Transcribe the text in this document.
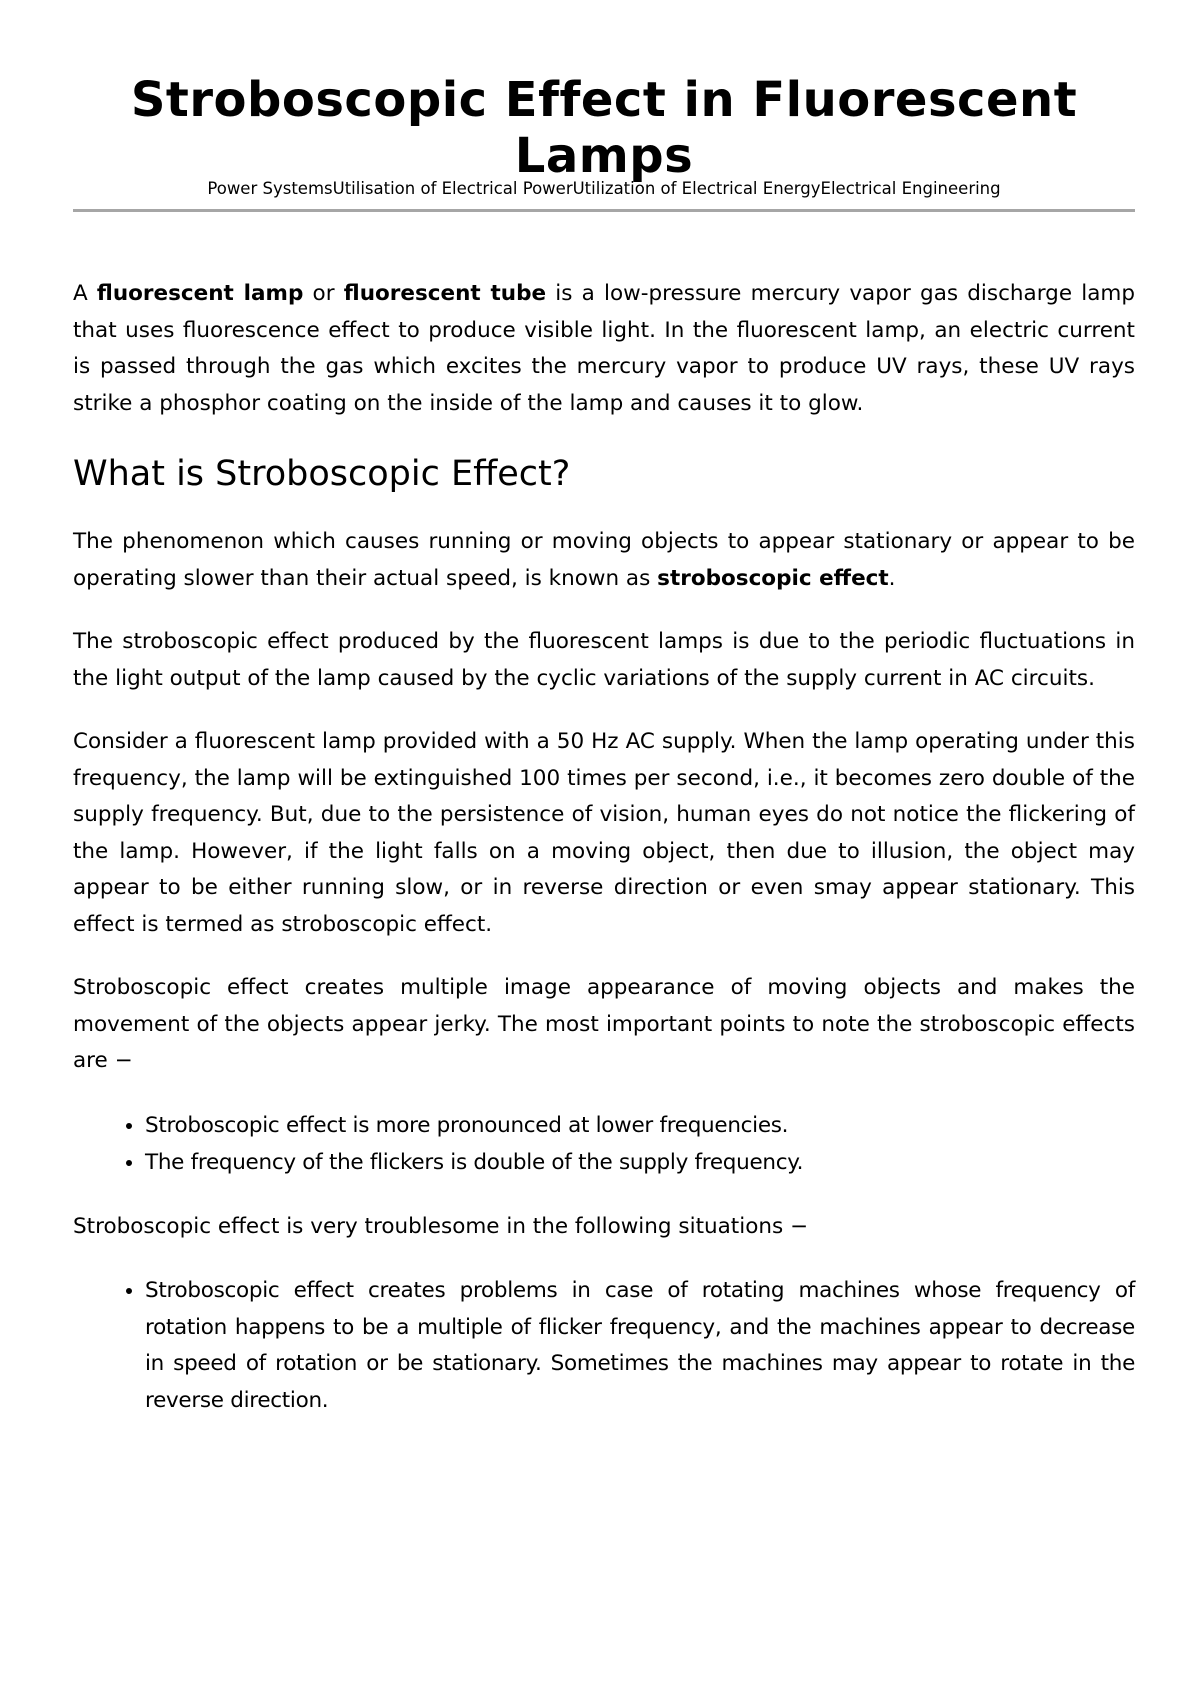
Stroboscopic Effect in Fluorescent Lamps
Power SystemsUtilisation of Electrical PowerUtilization of Electrical EnergyElectrical Engineering

A fluorescent lamp or fluorescent tube is a low-pressure mercury vapor gas discharge lamp that uses fluorescence effect to produce visible light. In the fluorescent lamp, an electric current is passed through the gas which excites the mercury vapor to produce UV rays, these UV rays strike a phosphor coating on the inside of the lamp and causes it to glow.

What is Stroboscopic Effect?

The phenomenon which causes running or moving objects to appear stationary or appear to be operating slower than their actual speed, is known as stroboscopic effect.

The stroboscopic effect produced by the fluorescent lamps is due to the periodic fluctuations in the light output of the lamp caused by the cyclic variations of the supply current in AC circuits.

Consider a fluorescent lamp provided with a 50 Hz AC supply. When the lamp operating under this frequency, the lamp will be extinguished 100 times per second, i.e., it becomes zero double of the supply frequency. But, due to the persistence of vision, human eyes do not notice the flickering of the lamp. However, if the light falls on a moving object, then due to illusion, the object may appear to be either running slow, or in reverse direction or even smay appear stationary. This effect is termed as stroboscopic effect.

Stroboscopic effect creates multiple image appearance of moving objects and makes the movement of the objects appear jerky. The most important points to note the stroboscopic effects are −

• Stroboscopic effect is more pronounced at lower frequencies.
• The frequency of the flickers is double of the supply frequency.

Stroboscopic effect is very troublesome in the following situations −

• Stroboscopic effect creates problems in case of rotating machines whose frequency of rotation happens to be a multiple of flicker frequency, and the machines appear to decrease in speed of rotation or be stationary. Sometimes the machines may appear to rotate in the reverse direction.
